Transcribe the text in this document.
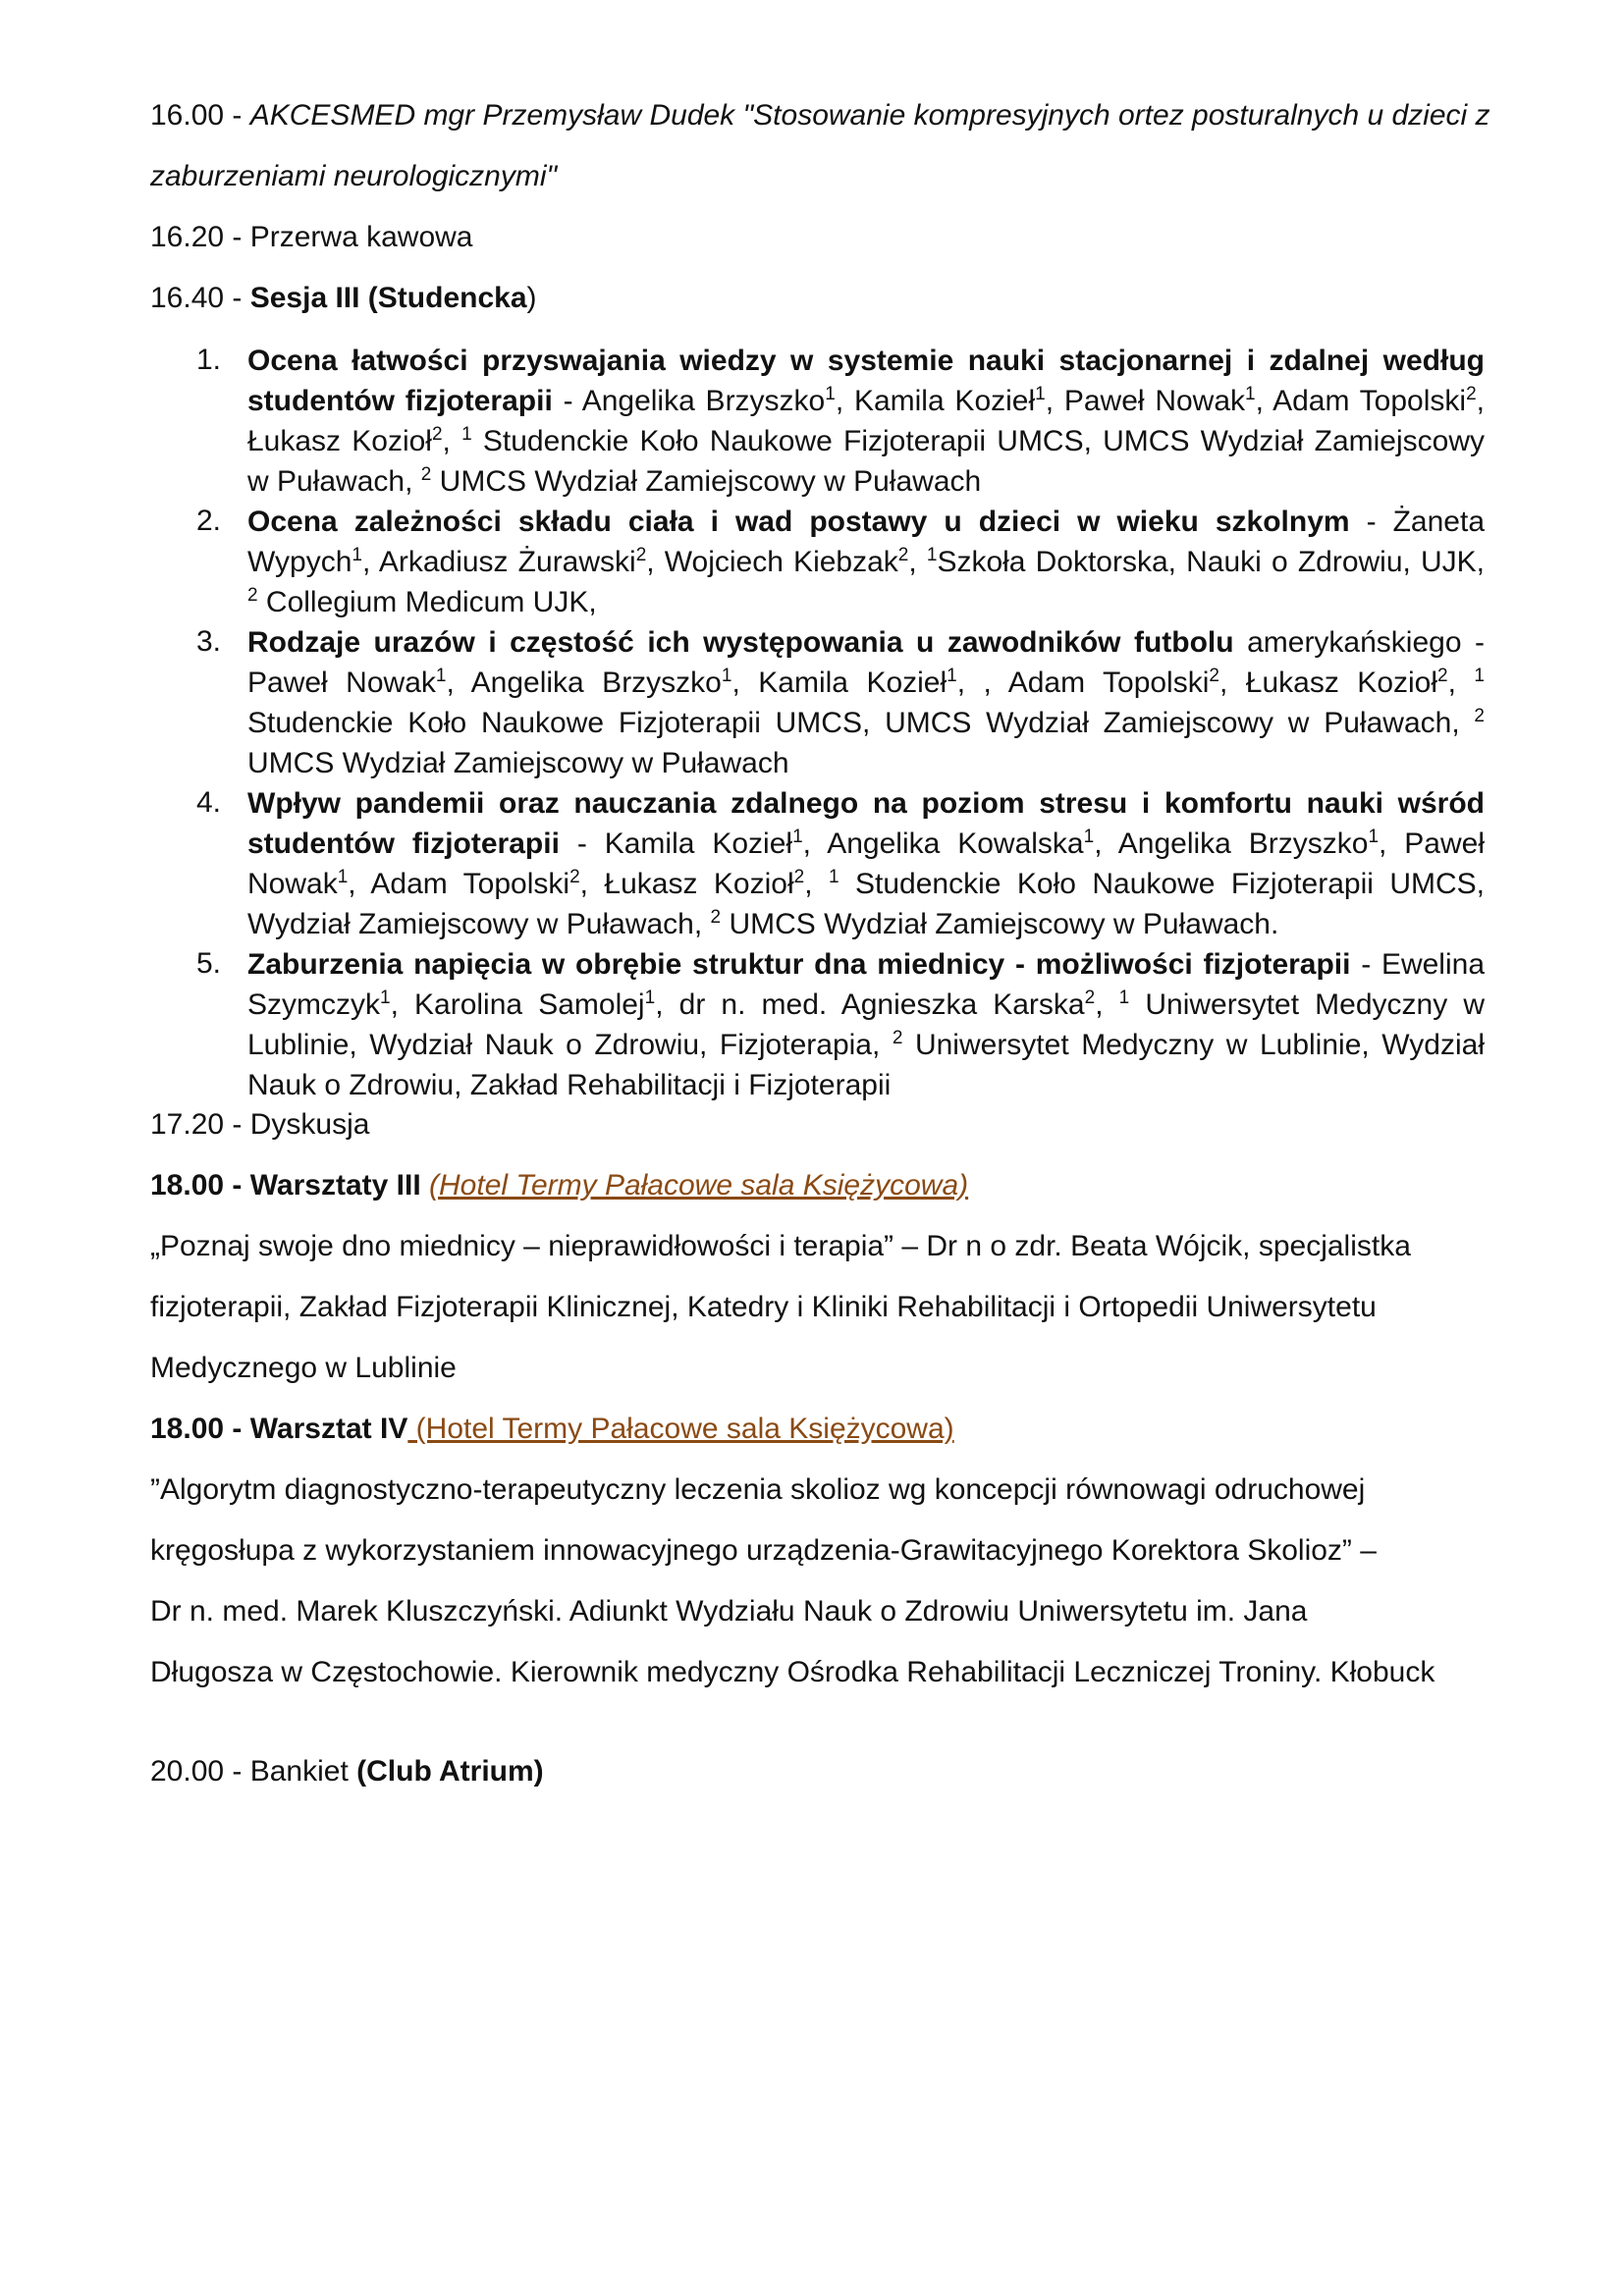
16.00 - AKCESMED mgr Przemysław Dudek "Stosowanie kompresyjnych ortez posturalnych u dzieci z
zaburzeniami neurologicznymi"
16.20 - Przerwa kawowa
16.40 - Sesja III (Studencka)
1. Ocena łatwości przyswajania wiedzy w systemie nauki stacjonarnej i zdalnej według studentów fizjoterapii - Angelika Brzyszko$^1$, Kamila Kozieł$^1$, Paweł Nowak$^1$, Adam Topolski$^2$, Łukasz Kozioł$^2$, $^1$ Studenckie Koło Naukowe Fizjoterapii UMCS, UMCS Wydział Zamiejscowy w Puławach, $^2$ UMCS Wydział Zamiejscowy w Puławach
2. Ocena zależności składu ciała i wad postawy u dzieci w wieku szkolnym - Żaneta Wypych$^1$, Arkadiusz Żurawski$^2$, Wojciech Kiebzak$^2$, $^1$Szkoła Doktorska, Nauki o Zdrowiu, UJK, $^2$ Collegium Medicum UJK,
3. Rodzaje urazów i częstość ich występowania u zawodników futbolu amerykańskiego - Paweł Nowak$^1$, Angelika Brzyszko$^1$, Kamila Kozieł$^1$, , Adam Topolski$^2$, Łukasz Kozioł$^2$, $^1$ Studenckie Koło Naukowe Fizjoterapii UMCS, UMCS Wydział Zamiejscowy w Puławach, $^2$ UMCS Wydział Zamiejscowy w Puławach
4. Wpływ pandemii oraz nauczania zdalnego na poziom stresu i komfortu nauki wśród studentów fizjoterapii - Kamila Kozieł$^1$, Angelika Kowalska$^1$, Angelika Brzyszko$^1$, Paweł Nowak$^1$, Adam Topolski$^2$, Łukasz Kozioł$^2$, $^1$ Studenckie Koło Naukowe Fizjoterapii UMCS, Wydział Zamiejscowy w Puławach, $^2$ UMCS Wydział Zamiejscowy w Puławach.
5. Zaburzenia napięcia w obrębie struktur dna miednicy - możliwości fizjoterapii - Ewelina Szymczyk$^1$, Karolina Samolej$^1$, dr n. med. Agnieszka Karska$^2$, $^1$ Uniwersytet Medyczny w Lublinie, Wydział Nauk o Zdrowiu, Fizjoterapia, $^2$ Uniwersytet Medyczny w Lublinie, Wydział Nauk o Zdrowiu, Zakład Rehabilitacji i Fizjoterapii
17.20 - Dyskusja
18.00 - Warsztaty III (Hotel Termy Pałacowe sala Księżycowa)
„Poznaj swoje dno miednicy – nieprawidłowości i terapia” – Dr n o zdr. Beata Wójcik, specjalistka
fizjoterapii, Zakład Fizjoterapii Klinicznej, Katedry i Kliniki Rehabilitacji i Ortopedii Uniwersytetu
Medycznego w Lublinie
18.00 - Warsztat IV (Hotel Termy Pałacowe sala Księżycowa)
”Algorytm diagnostyczno-terapeutyczny leczenia skolioz wg koncepcji równowagi odruchowej
kręgosłupa z wykorzystaniem innowacyjnego urządzenia-Grawitacyjnego Korektora Skolioz” –
Dr n. med. Marek Kluszczyński. Adiunkt Wydziału Nauk o Zdrowiu Uniwersytetu im. Jana
Długosza w Częstochowie. Kierownik medyczny Ośrodka Rehabilitacji Leczniczej Troniny. Kłobuck
20.00 - Bankiet (Club Atrium)
